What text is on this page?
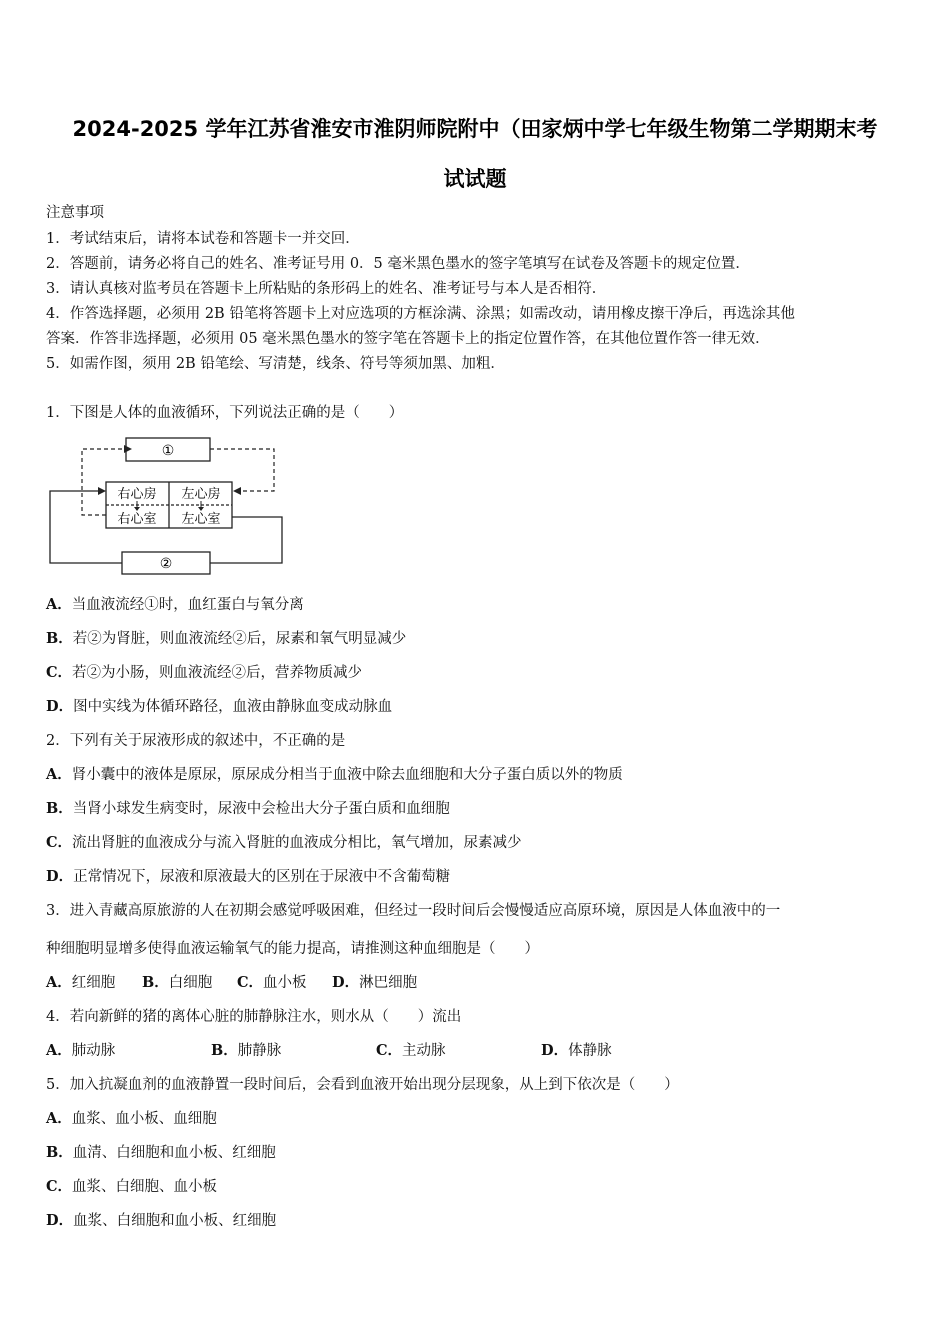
2024-2025 学年江苏省淮安市淮阴师院附中（田家炳中学七年级生物第二学期期末考
试试题
注意事项
1．考试结束后，请将本试卷和答题卡一并交回．
2．答题前，请务必将自己的姓名、准考证号用 0．5 毫米黑色墨水的签字笔填写在试卷及答题卡的规定位置．
3．请认真核对监考员在答题卡上所粘贴的条形码上的姓名、准考证号与本人是否相符．
4．作答选择题，必须用 2B 铅笔将答题卡上对应选项的方框涂满、涂黑；如需改动，请用橡皮擦干净后，再选涂其他
答案．作答非选择题，必须用 05 毫米黑色墨水的签字笔在答题卡上的指定位置作答，在其他位置作答一律无效．
5．如需作图，须用 2B 铅笔绘、写清楚，线条、符号等须加黑、加粗．
1．下图是人体的血液循环，下列说法正确的是（　　）
①
右心房 左心房
右心室 左心室
②
A．当血液流经①时，血红蛋白与氧分离
B．若②为肾脏，则血液流经②后，尿素和氧气明显减少
C．若②为小肠，则血液流经②后，营养物质减少
D．图中实线为体循环路径，血液由静脉血变成动脉血
2．下列有关于尿液形成的叙述中，不正确的是
A．肾小囊中的液体是原尿，原尿成分相当于血液中除去血细胞和大分子蛋白质以外的物质
B．当肾小球发生病变时，尿液中会检出大分子蛋白质和血细胞
C．流出肾脏的血液成分与流入肾脏的血液成分相比，氧气增加，尿素减少
D．正常情况下，尿液和原液最大的区别在于尿液中不含葡萄糖
3．进入青藏高原旅游的人在初期会感觉呼吸困难，但经过一段时间后会慢慢适应高原环境，原因是人体血液中的一
种细胞明显增多使得血液运输氧气的能力提高，请推测这种血细胞是（　　）
A．红细胞 B．白细胞 C．血小板 D．淋巴细胞
4．若向新鲜的猪的离体心脏的肺静脉注水，则水从（　　）流出
A．肺动脉	B．肺静脉	C．主动脉	D．体静脉
5．加入抗凝血剂的血液静置一段时间后，会看到血液开始出现分层现象，从上到下依次是（　　）
A．血浆、血小板、血细胞
B．血清、白细胞和血小板、红细胞
C．血浆、白细胞、血小板
D．血浆、白细胞和血小板、红细胞
